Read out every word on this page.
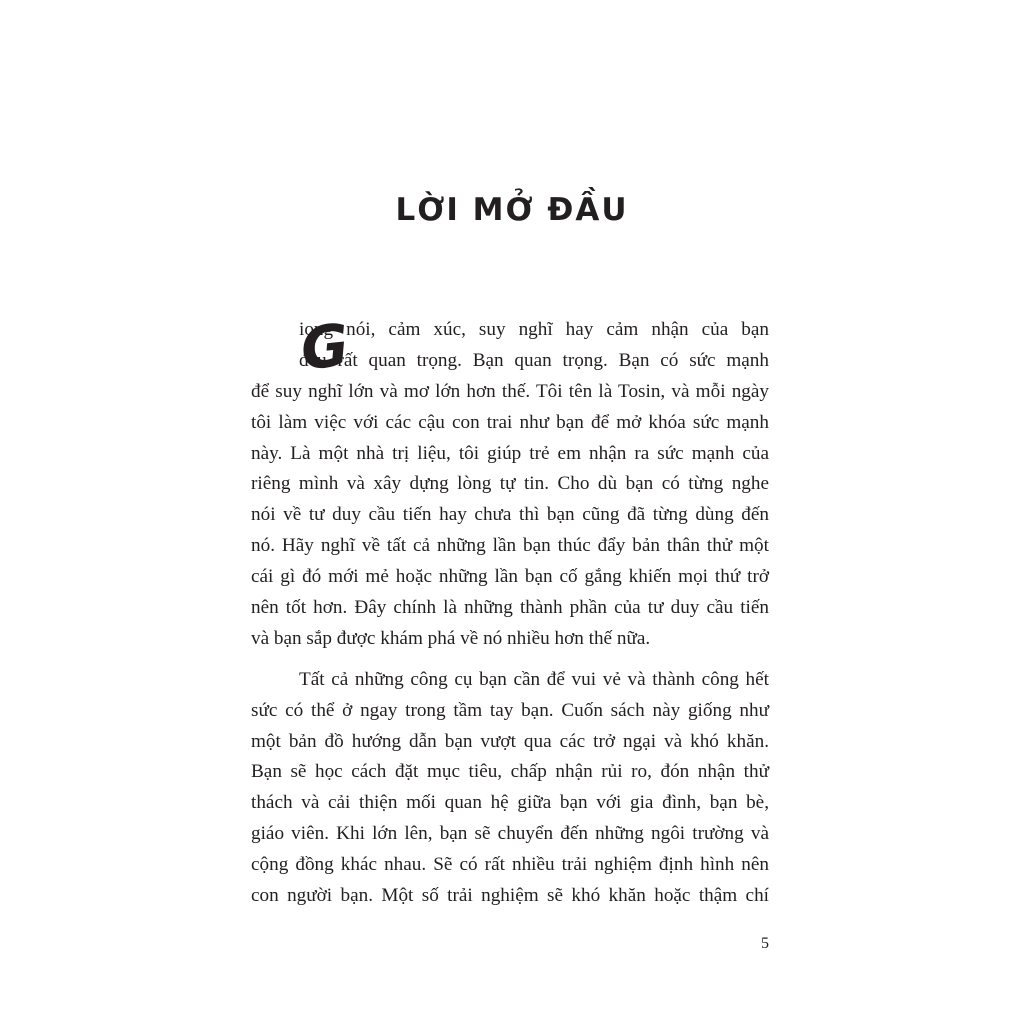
LỜI MỞ ĐẦU
G
iọng nói, cảm xúc, suy nghĩ hay cảm nhận của bạn
đều rất quan trọng. Bạn quan trọng. Bạn có sức mạnh
để suy nghĩ lớn và mơ lớn hơn thế. Tôi tên là Tosin, và mỗi ngày
tôi làm việc với các cậu con trai như bạn để mở khóa sức mạnh
này. Là một nhà trị liệu, tôi giúp trẻ em nhận ra sức mạnh của
riêng mình và xây dựng lòng tự tin. Cho dù bạn có từng nghe
nói về tư duy cầu tiến hay chưa thì bạn cũng đã từng dùng đến
nó. Hãy nghĩ về tất cả những lần bạn thúc đẩy bản thân thử một
cái gì đó mới mẻ hoặc những lần bạn cố gắng khiến mọi thứ trở
nên tốt hơn. Đây chính là những thành phần của tư duy cầu tiến
và bạn sắp được khám phá về nó nhiều hơn thế nữa.
Tất cả những công cụ bạn cần để vui vẻ và thành công hết
sức có thể ở ngay trong tầm tay bạn. Cuốn sách này giống như
một bản đồ hướng dẫn bạn vượt qua các trở ngại và khó khăn.
Bạn sẽ học cách đặt mục tiêu, chấp nhận rủi ro, đón nhận thử
thách và cải thiện mối quan hệ giữa bạn với gia đình, bạn bè,
giáo viên. Khi lớn lên, bạn sẽ chuyển đến những ngôi trường và
cộng đồng khác nhau. Sẽ có rất nhiều trải nghiệm định hình nên
con người bạn. Một số trải nghiệm sẽ khó khăn hoặc thậm chí
5
